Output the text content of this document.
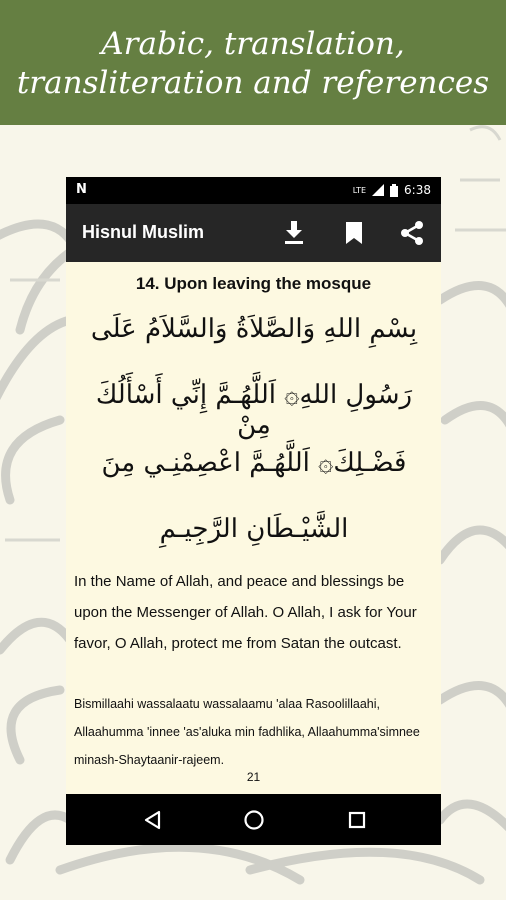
Arabic, translation,
transliteration and references
N	LTE	6:38
Hisnul Muslim
14. Upon leaving the mosque
بِسْمِ اللهِ وَالصَّلاَةُ وَالسَّلاَمُ عَلَى
رَسُولِ اللهِ۞ اَللَّهُـمَّ إِنِّي أَسْأَلُكَ مِنْ
فَضْـلِكَ۞ اَللَّهُـمَّ اعْصِمْنِـي مِنَ
الشَّيْـطَانِ الرَّجِيـمِ
In the Name of Allah, and peace and blessings be upon the Messenger of Allah. O Allah, I ask for Your favor, O Allah, protect me from Satan the outcast.
Bismillaahi wassalaatu wassalaamu 'alaa Rasoolillaahi, Allaahumma 'innee 'as'aluka min fadhlika, Allaahumma'simnee minash-Shaytaanir-rajeem.
21
